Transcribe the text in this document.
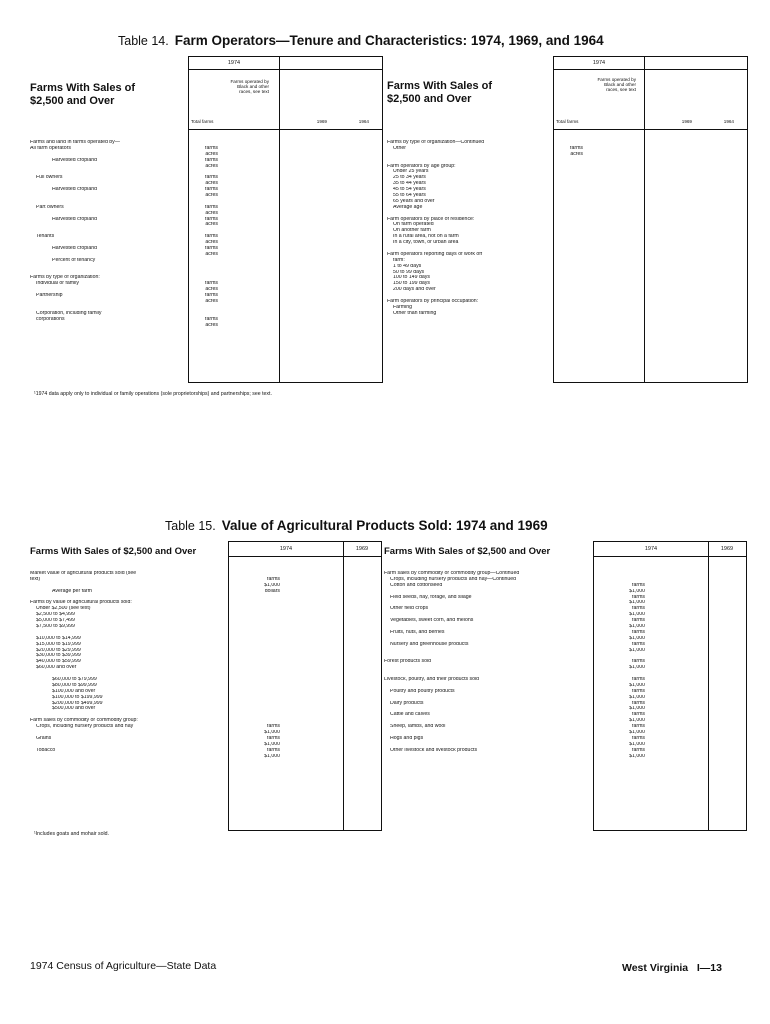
Table 14. Farm Operators—Tenure and Characteristics: 1974, 1969, and 1964
Farms With Sales of $2,500 and Over
Farms With Sales of $2,500 and Over
1974
Farms operated by Black and other races, see text
Total farms	1969	1964
1974
Farms operated by Black and other races, see text
Total farms	1969	1964
Farms and land in farms operated by—
All farm operators	farms
acres
Harvested cropland	farms
acres
Full owners	farms
acres
Harvested cropland	farms
acres
Part owners	farms
acres
Harvested cropland	farms
acres
Tenants	farms
acres
Harvested cropland	farms
acres
Percent of tenancy
Farms by type of organization:
Individual or family	farms
acres
Partnership	farms
acres
Corporation, including family
corporations	farms
acres
Farms by type of organization—Continued
Other	farms
acres
Farm operators by age group:
Under 25 years
25 to 34 years
35 to 44 years
45 to 54 years
55 to 64 years
65 years and over
Average age
Farm operators by place of residence:
On farm operated
On another farm
In a rural area, not on a farm
In a city, town, or urban area
Farm operators reporting days of work off
farm:
1 to 49 days
50 to 99 days
100 to 149 days
150 to 199 days
200 days and over
Farm operators by principal occupation:
Farming
Other than farming
¹1974 data apply only to individual or family operations (sole proprietorships) and partnerships; see text.
Table 15. Value of Agricultural Products Sold: 1974 and 1969
Farms With Sales of $2,500 and Over	Farms With Sales of $2,500 and Over
1974	1969	1974	1969
Market value of agricultural products sold (see
text)	farms
$1,000
Average per farm	dollars
Farms by value of agricultural products sold:
Under $2,500 (see text)
$2,500 to $4,999
$5,000 to $7,499
$7,500 to $9,999
$10,000 to $14,999
$15,000 to $19,999
$20,000 to $29,999
$30,000 to $39,999
$40,000 to $59,999
$60,000 and over
$60,000 to $79,999
$80,000 to $99,999
$100,000 and over
$100,000 to $199,999
$200,000 to $499,999
$500,000 and over
Farm sales by commodity or commodity group:
Crops, including nursery products and hay	farms
$1,000
Grains	farms
$1,000
Tobacco	farms
$1,000
Farm sales by commodity or commodity group—Continued
Crops, including nursery products and hay—Continued
Cotton and cottonseed	farms
$1,000
Field seeds, hay, forage, and silage	farms
$1,000
Other field crops	farms
$1,000
Vegetables, sweet corn, and melons	farms
$1,000
Fruits, nuts, and berries	farms
$1,000
Nursery and greenhouse products	farms
$1,000
Forest products sold	farms
$1,000
Livestock, poultry, and their products sold	farms
$1,000
Poultry and poultry products	farms
$1,000
Dairy products	farms
$1,000
Cattle and calves	farms
$1,000
Sheep, lambs, and wool	farms
$1,000
Hogs and pigs	farms
$1,000
Other livestock and livestock products	farms
$1,000
¹Includes goats and mohair sold.
1974 Census of Agriculture—State Data	West Virginia   I—13
